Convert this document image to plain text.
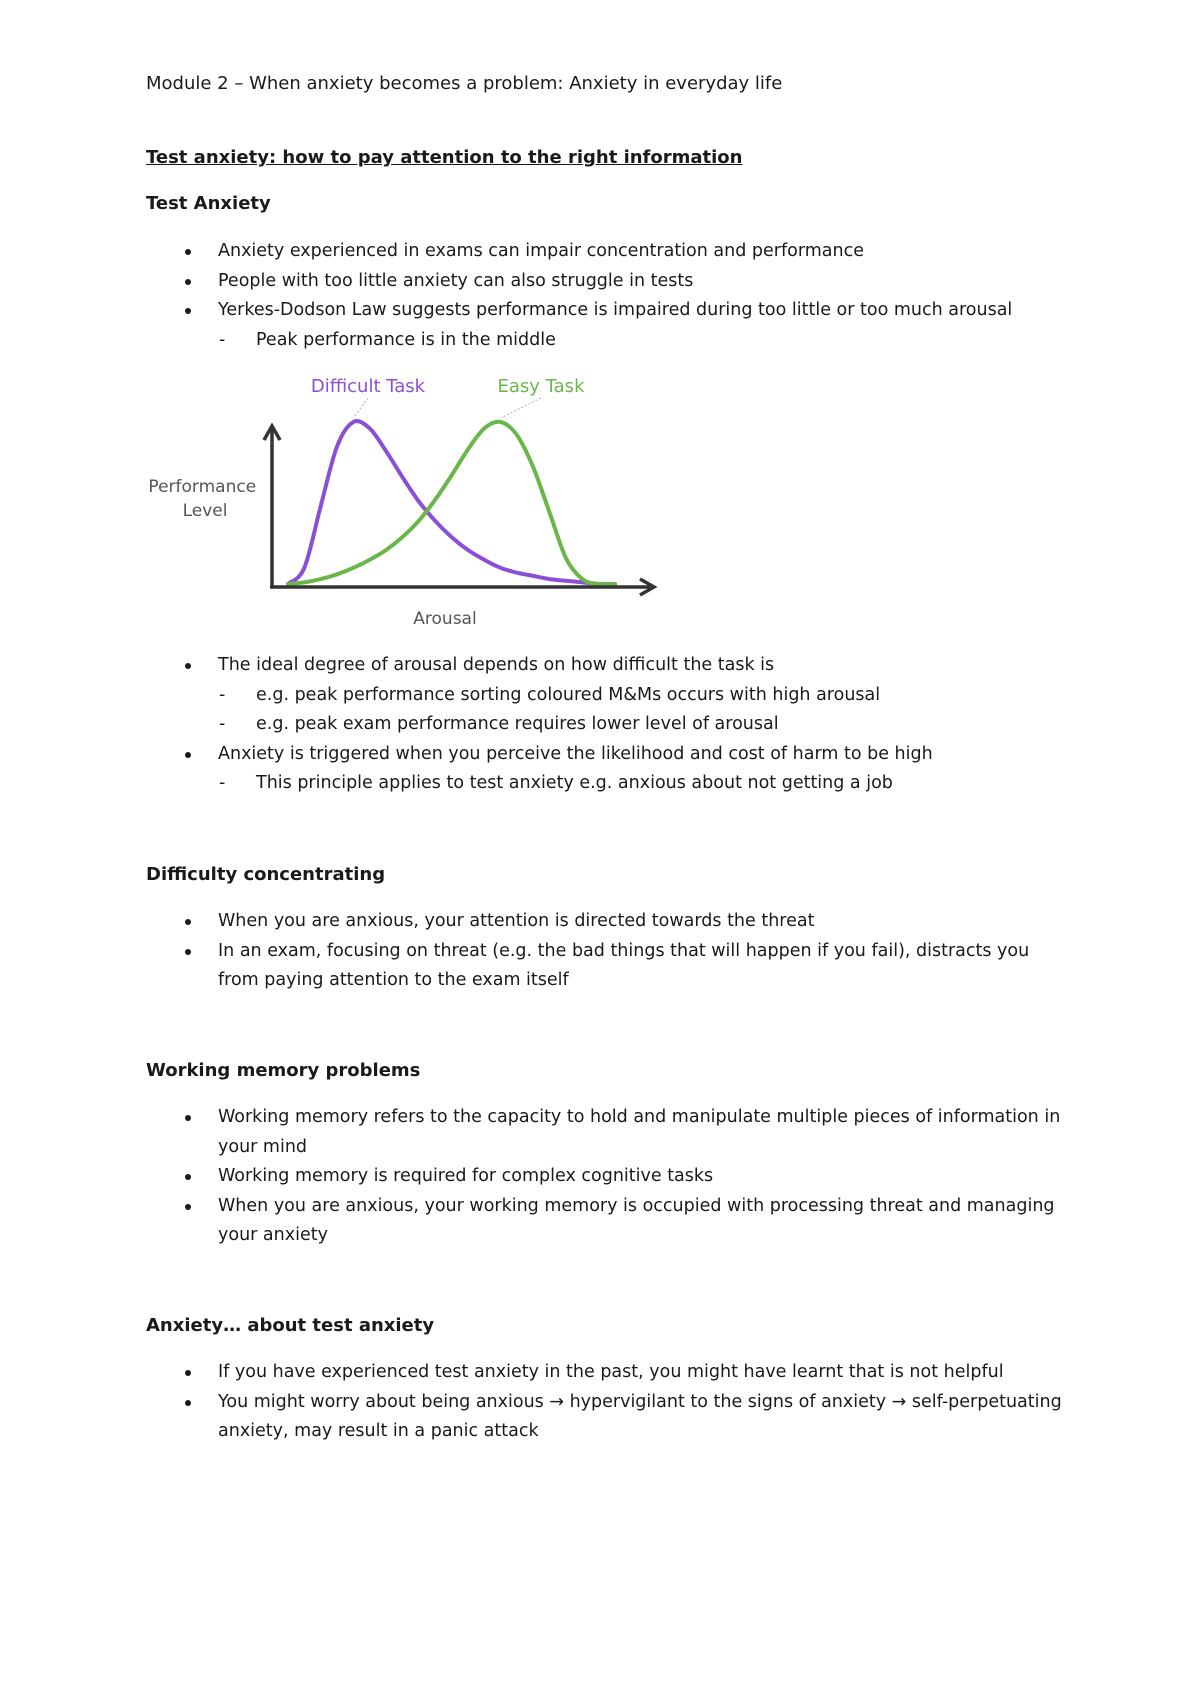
Module 2 – When anxiety becomes a problem: Anxiety in everyday life

Test anxiety: how to pay attention to the right information

Test Anxiety

Anxiety experienced in exams can impair concentration and performance
People with too little anxiety can also struggle in tests
Yerkes-Dodson Law suggests performance is impaired during too little or too much arousal
- Peak performance is in the middle
Difficult Task	Easy Task
Performance Level
Arousal
The ideal degree of arousal depends on how difficult the task is
- e.g. peak performance sorting coloured M&Ms occurs with high arousal
- e.g. peak exam performance requires lower level of arousal
Anxiety is triggered when you perceive the likelihood and cost of harm to be high
- This principle applies to test anxiety e.g. anxious about not getting a job

Difficulty concentrating

When you are anxious, your attention is directed towards the threat
In an exam, focusing on threat (e.g. the bad things that will happen if you fail), distracts you from paying attention to the exam itself

Working memory problems

Working memory refers to the capacity to hold and manipulate multiple pieces of information in your mind
Working memory is required for complex cognitive tasks
When you are anxious, your working memory is occupied with processing threat and managing your anxiety

Anxiety… about test anxiety

If you have experienced test anxiety in the past, you might have learnt that is not helpful
You might worry about being anxious → hypervigilant to the signs of anxiety → self-perpetuating anxiety, may result in a panic attack
